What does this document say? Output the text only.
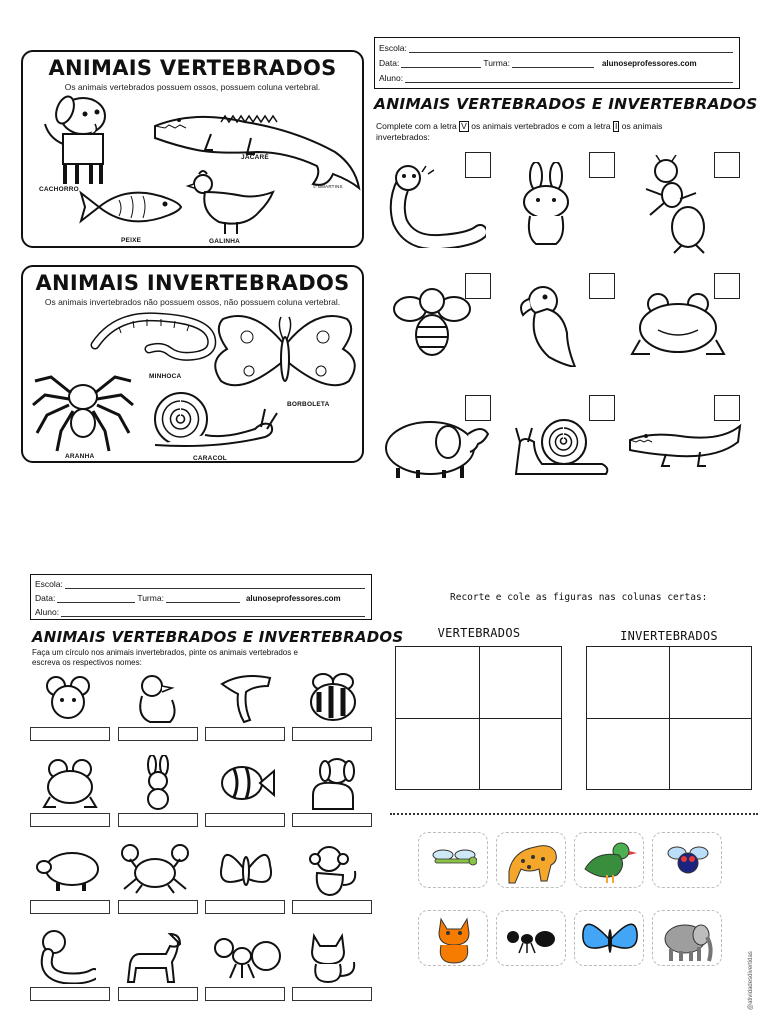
ANIMAIS VERTEBRADOS
Os animais vertebrados possuem ossos, possuem coluna vertebral.
CACHORRO
JACARÉ
© BMARTINS
PEIXE	GALINHA
ANIMAIS INVERTEBRADOS
Os animais invertebrados não possuem ossos, não possuem coluna vertebral.
MINHOCA
BORBOLETA
ARANHA	CARACOL
Escola:
Data:	Turma:	alunoseprofessores.com
Aluno:
ANIMAIS VERTEBRADOS E INVERTEBRADOS
Complete com a letra V os animais vertebrados e com a letra I os animais
invertebrados:
Escola:
Data:	Turma:	alunoseprofessores.com
Aluno:
ANIMAIS VERTEBRADOS E INVERTEBRADOS
Faça um círculo nos animais invertebrados, pinte os animais vertebrados e
escreva os respectivos nomes:
Recorte e cole as figuras nas colunas certas:
VERTEBRADOS	INVERTEBRADOS
@atividadesdivertidas
